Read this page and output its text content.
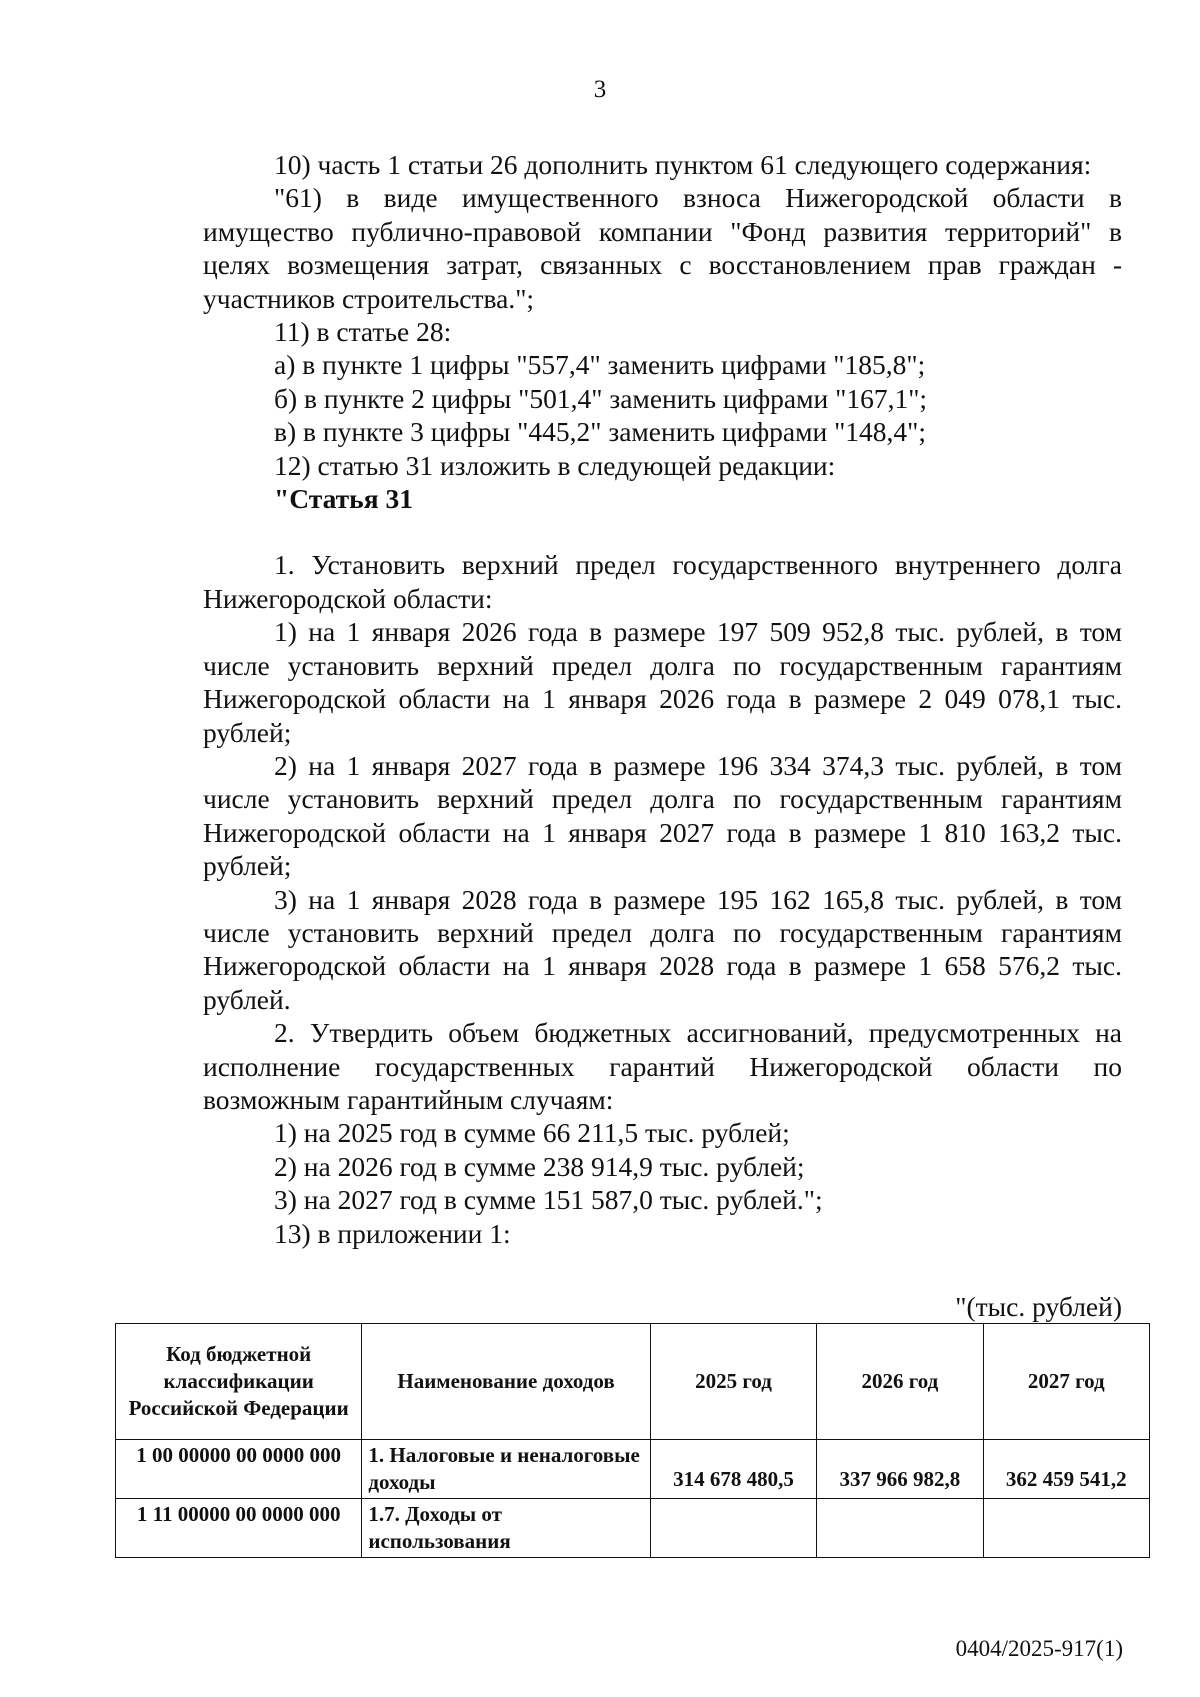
3

10) часть 1 статьи 26 дополнить пунктом 61 следующего содержания:

"61) в виде имущественного взноса Нижегородской области в имущество публично-правовой компании "Фонд развития территорий" в целях возмещения затрат, связанных с восстановлением прав граждан - участников строительства.";

11) в статье 28:

а) в пункте 1 цифры "557,4" заменить цифрами "185,8";

б) в пункте 2 цифры "501,4" заменить цифрами "167,1";

в) в пункте 3 цифры "445,2" заменить цифрами "148,4";

12) статью 31 изложить в следующей редакции:

"Статья 31

1. Установить верхний предел государственного внутреннего долга Нижегородской области:

1) на 1 января 2026 года в размере 197 509 952,8 тыс. рублей, в том числе установить верхний предел долга по государственным гарантиям Нижегородской области на 1 января 2026 года в размере 2 049 078,1 тыс. рублей;

2) на 1 января 2027 года в размере 196 334 374,3 тыс. рублей, в том числе установить верхний предел долга по государственным гарантиям Нижегородской области на 1 января 2027 года в размере 1 810 163,2 тыс. рублей;

3) на 1 января 2028 года в размере 195 162 165,8 тыс. рублей, в том числе установить верхний предел долга по государственным гарантиям Нижегородской области на 1 января 2028 года в размере 1 658 576,2 тыс. рублей.

2. Утвердить объем бюджетных ассигнований, предусмотренных на исполнение государственных гарантий Нижегородской области по возможным гарантийным случаям:

1) на 2025 год в сумме 66 211,5 тыс. рублей;

2) на 2026 год в сумме 238 914,9 тыс. рублей;

3) на 2027 год в сумме 151 587,0 тыс. рублей.";

13) в приложении 1:

"(тыс. рублей)
Код бюджетной классификации Российской Федерации	Наименование доходов	2025 год	2026 год	2027 год
1 00 00000 00 0000 000	1. Налоговые и неналоговые доходы	314 678 480,5	337 966 982,8	362 459 541,2
1 11 00000 00 0000 000	1.7. Доходы от использования			
0404/2025-917(1)
